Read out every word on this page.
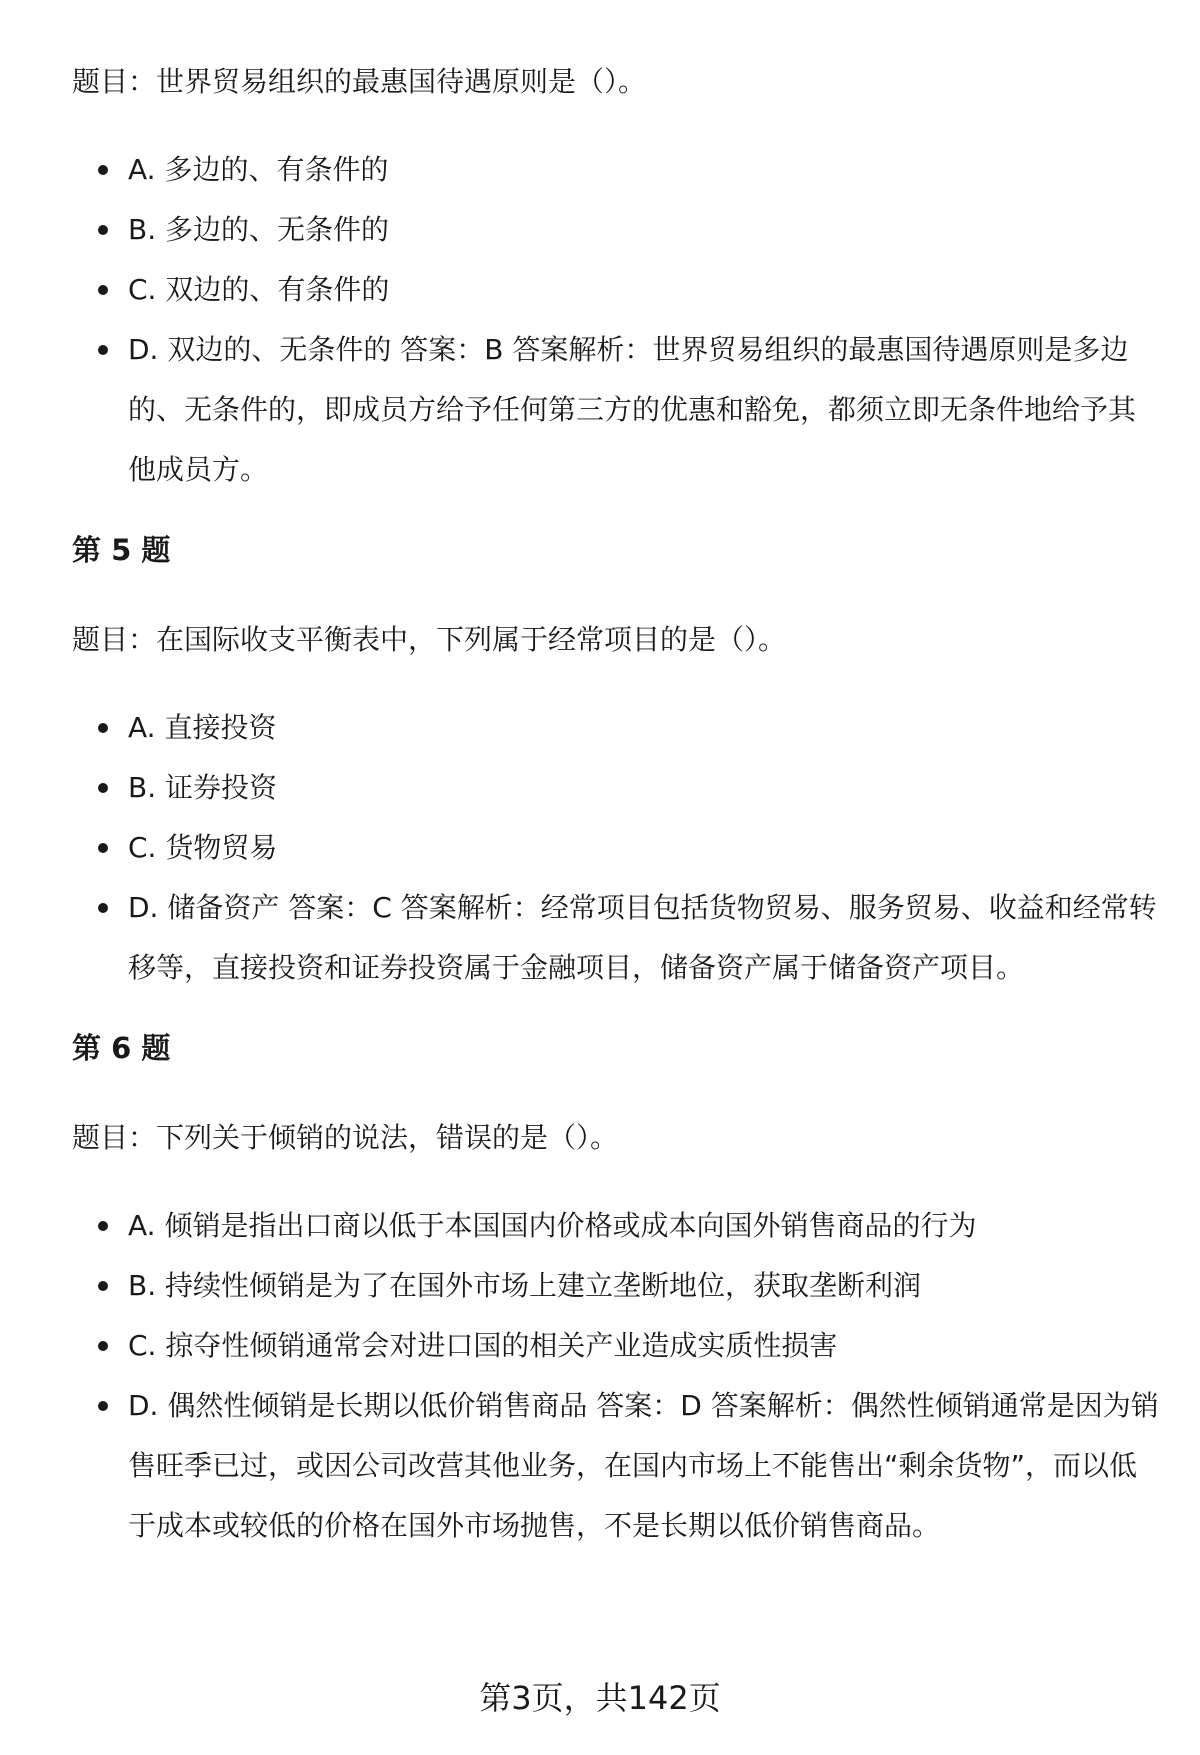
题目：世界贸易组织的最惠国待遇原则是（）。

A. 多边的、有条件的
B. 多边的、无条件的
C. 双边的、有条件的
D. 双边的、无条件的 答案：B 答案解析：世界贸易组织的最惠国待遇原则是多边的、无条件的，即成员方给予任何第三方的优惠和豁免，都须立即无条件地给予其他成员方。
第 5 题

题目：在国际收支平衡表中，下列属于经常项目的是（）。

A. 直接投资
B. 证券投资
C. 货物贸易
D. 储备资产 答案：C 答案解析：经常项目包括货物贸易、服务贸易、收益和经常转移等，直接投资和证券投资属于金融项目，储备资产属于储备资产项目。
第 6 题

题目：下列关于倾销的说法，错误的是（）。

A. 倾销是指出口商以低于本国国内价格或成本向国外销售商品的行为
B. 持续性倾销是为了在国外市场上建立垄断地位，获取垄断利润
C. 掠夺性倾销通常会对进口国的相关产业造成实质性损害
D. 偶然性倾销是长期以低价销售商品 答案：D 答案解析：偶然性倾销通常是因为销售旺季已过，或因公司改营其他业务，在国内市场上不能售出“剩余货物”，而以低于成本或较低的价格在国外市场抛售，不是长期以低价销售商品。
第3页，共142页
